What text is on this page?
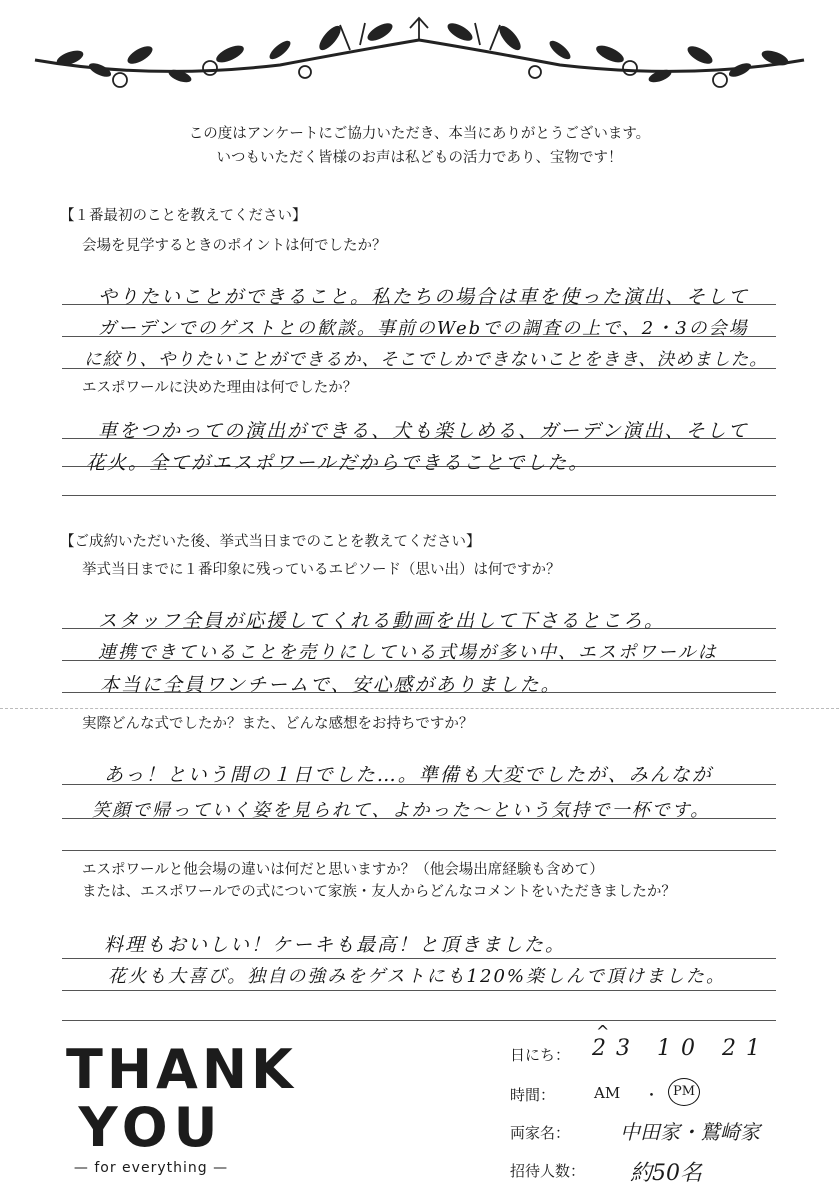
この度はアンケートにご協力いただき、本当にありがとうございます。
いつもいただく皆様のお声は私どもの活力であり、宝物です！
【１番最初のことを教えてください】
会場を見学するときのポイントは何でしたか？
やりたいことができること。私たちの場合は車を使った演出、そして
ガーデンでのゲストとの歓談。事前のWebでの調査の上で、2・3の会場
に絞り、やりたいことができるか、そこでしかできないことをきき、決めました。
エスポワールに決めた理由は何でしたか？
車をつかっての演出ができる、犬も楽しめる、ガーデン演出、そして
花火。全てがエスポワールだからできることでした。
【ご成約いただいた後、挙式当日までのことを教えてください】
挙式当日までに１番印象に残っているエピソード（思い出）は何ですか？
スタッフ全員が応援してくれる動画を出して下さるところ。
連携できていることを売りにしている式場が多い中、エスポワールは
本当に全員ワンチームで、安心感がありました。
実際どんな式でしたか？また、どんな感想をお持ちですか？
あっ！という間の１日でした…。準備も大変でしたが、みんなが
笑顔で帰っていく姿を見られて、よかった〜という気持で一杯です。
エスポワールと他会場の違いは何だと思いますか？（他会場出席経験も含めて）
または、エスポワールでの式について家族・友人からどんなコメントをいただきましたか？
料理もおいしい！ケーキも最高！と頂きました。
花火も大喜び。独自の強みをゲストにも120%楽しんで頂けました。
THANK
YOU
— for everything —
日にち： 23 10 21
^
時間：	AM ・	PM
両家名： 中田家・鷲崎家
招待人数： 約50名
